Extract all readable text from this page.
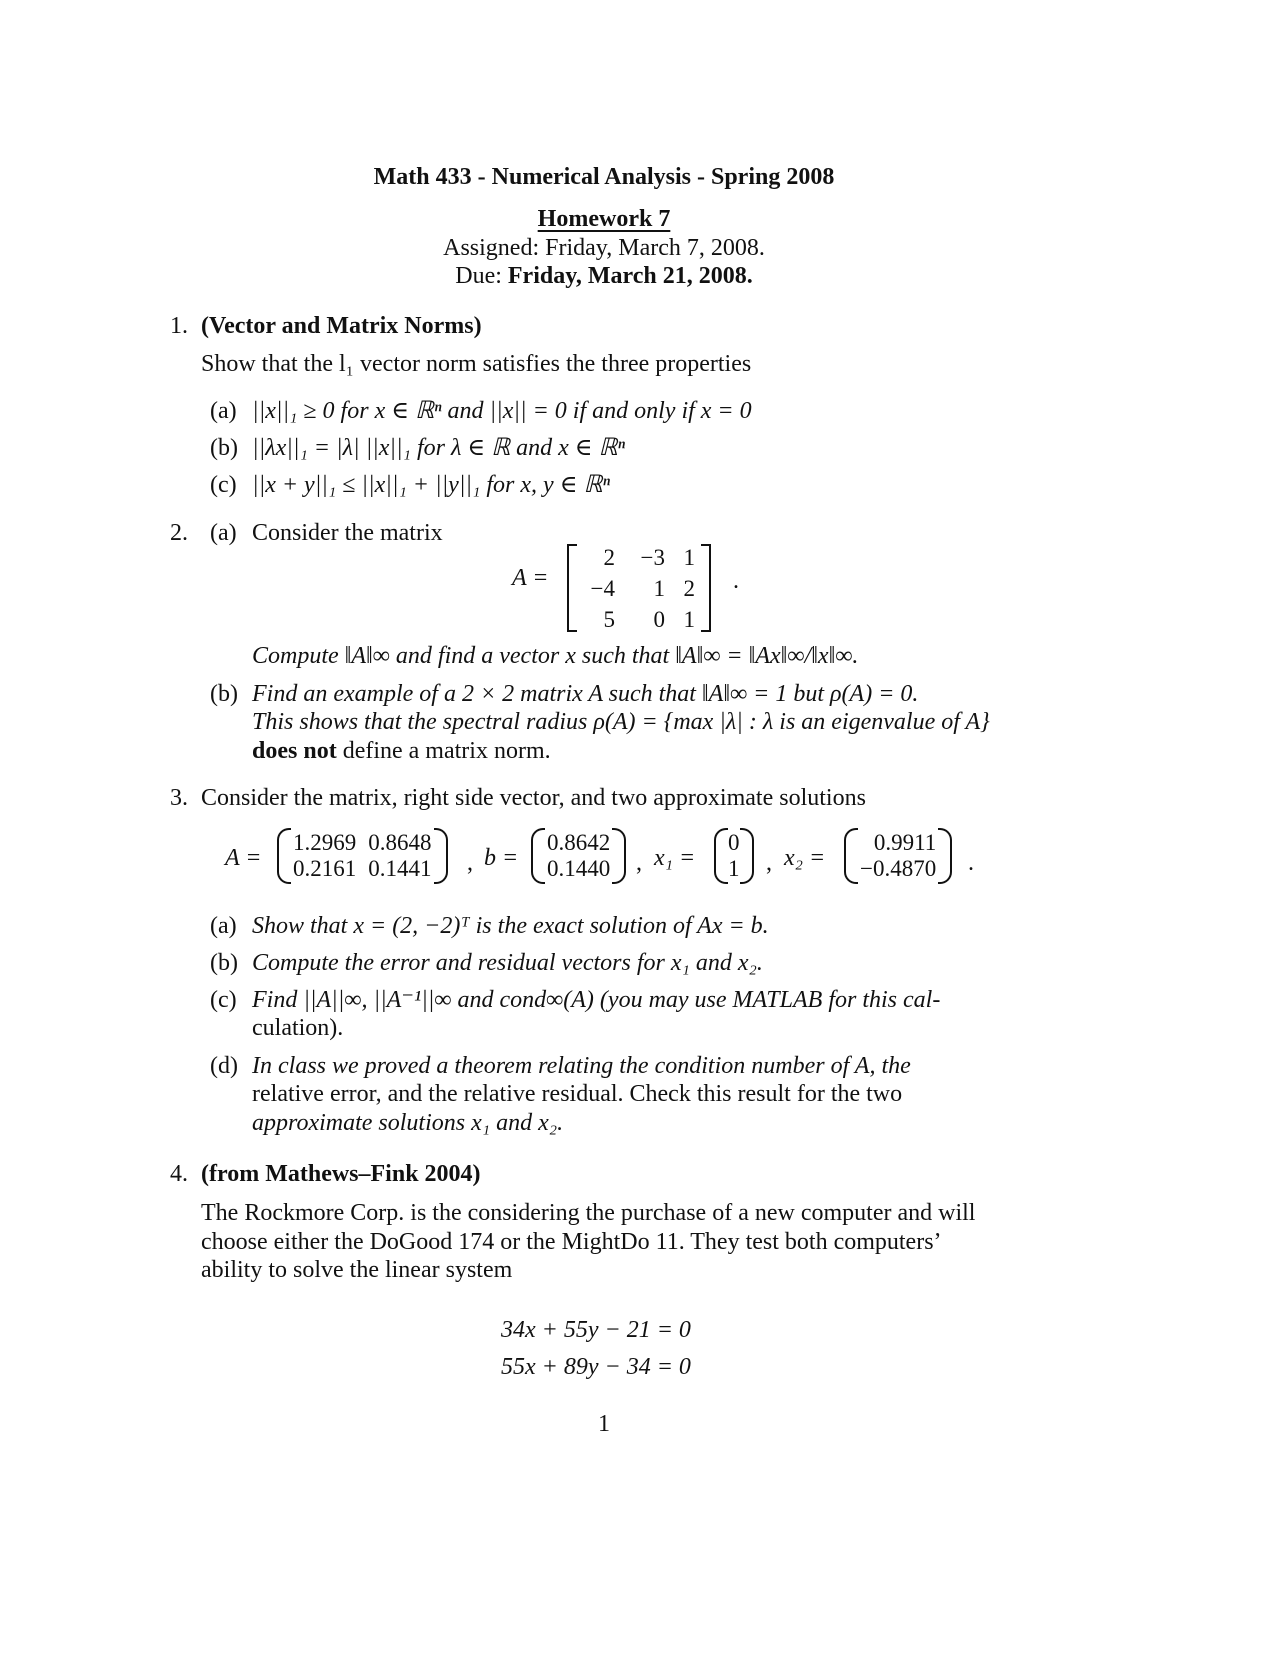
Math 433 - Numerical Analysis - Spring 2008
Homework 7
Assigned: Friday, March 7, 2008.
Due: Friday, March 21, 2008.
1. (Vector and Matrix Norms)
Show that the l₁ vector norm satisfies the three properties
(a) ||x||₁ ≥ 0 for x ∈ ℝⁿ and ||x|| = 0 if and only if x = 0
(b) ||λx||₁ = |λ| ||x||₁ for λ ∈ ℝ and x ∈ ℝⁿ
(c) ||x + y||₁ ≤ ||x||₁ + ||y||₁ for x, y ∈ ℝⁿ
2. (a) Consider the matrix
A =
2	−3	1
−4	1	2
5	0	1
.
Compute ‖A‖∞ and find a vector x such that ‖A‖∞ = ‖Ax‖∞/‖x‖∞.
(b) Find an example of a 2 × 2 matrix A such that ‖A‖∞ = 1 but ρ(A) = 0.
This shows that the spectral radius ρ(A) = {max |λ| : λ is an eigenvalue of A}
does not define a matrix norm.
3. Consider the matrix, right side vector, and two approximate solutions
A =
1.2969	0.8648
0.2161	0.1441 , b =
0.8642
0.1440 , x₁ =
0
1 , x₂ =
0.9911
−0.4870 .
(a) Show that x = (2, −2)ᵀ is the exact solution of Ax = b.
(b) Compute the error and residual vectors for x₁ and x₂.
(c) Find ||A||∞, ||A⁻¹||∞ and cond∞(A) (you may use MATLAB for this cal-
culation).
(d) In class we proved a theorem relating the condition number of A, the
relative error, and the relative residual. Check this result for the two
approximate solutions x₁ and x₂.
4. (from Mathews–Fink 2004)
The Rockmore Corp. is the considering the purchase of a new computer and will
choose either the DoGood 174 or the MightDo 11. They test both computers’
ability to solve the linear system
34x + 55y − 21 = 0
55x + 89y − 34 = 0
1
